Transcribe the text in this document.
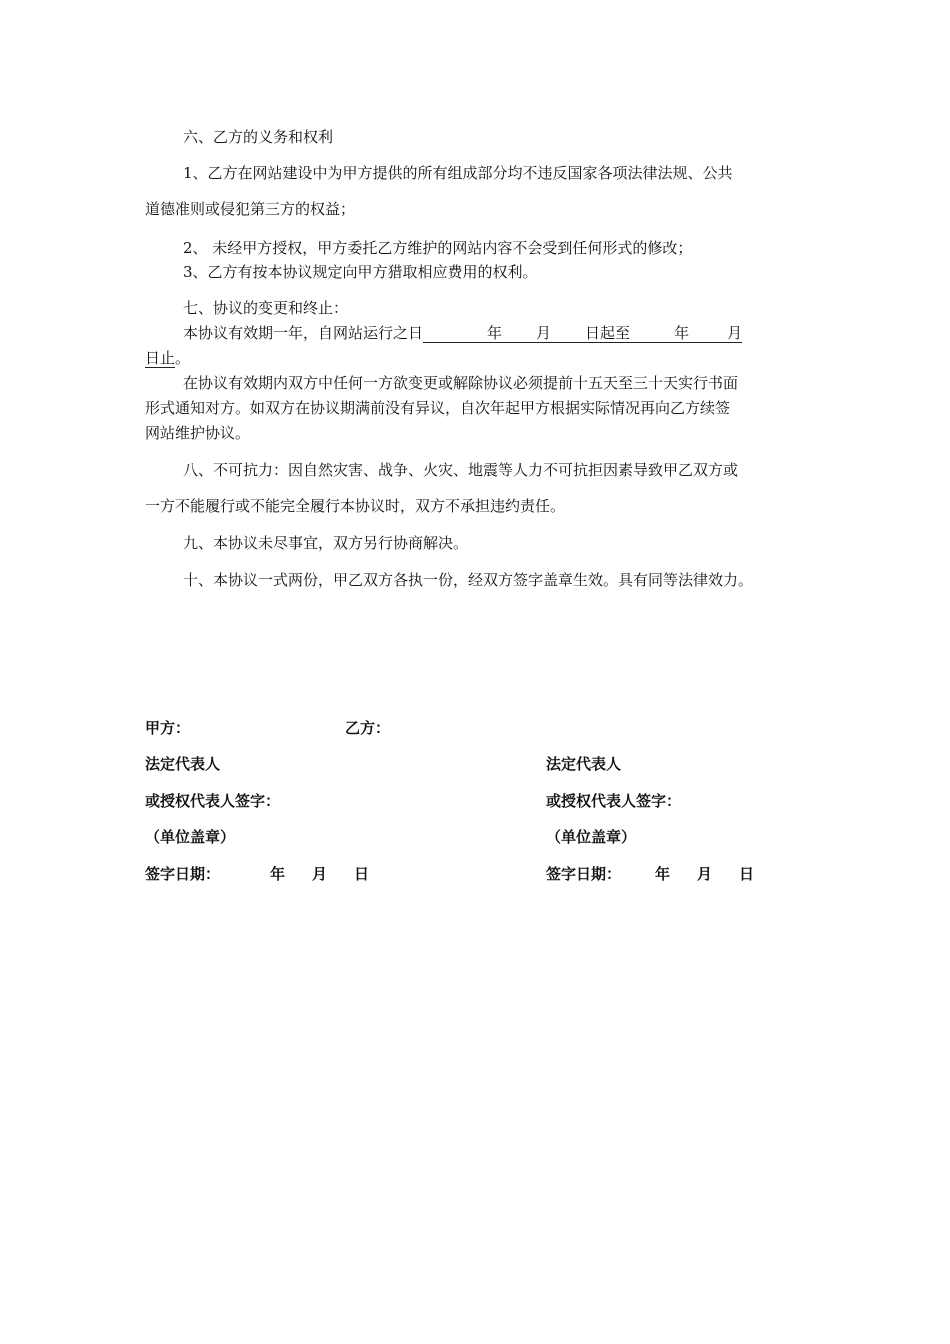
六、乙方的义务和权利
1、乙方在网站建设中为甲方提供的所有组成部分均不违反国家各项法律法规、公共
道德准则或侵犯第三方的权益；
2、 未经甲方授权，甲方委托乙方维护的网站内容不会受到任何形式的修改；
3、乙方有按本协议规定向甲方猎取相应费用的权利。
七、协议的变更和终止：
本协议有效期一年，自网站运行之日	年 月 日起至	年	月
日止。
在协议有效期内双方中任何一方欲变更或解除协议必须提前十五天至三十天实行书面
形式通知对方。如双方在协议期满前没有异议，自次年起甲方根据实际情况再向乙方续签
网站维护协议。
八、不可抗力：因自然灾害、战争、火灾、地震等人力不可抗拒因素导致甲乙双方或
一方不能履行或不能完全履行本协议时，双方不承担违约责任。
九、本协议未尽事宜，双方另行协商解决。
十、本协议一式两份，甲乙双方各执一份，经双方签字盖章生效。具有同等法律效力。
甲方：	乙方：
法定代表人	法定代表人
或授权代表人签字：	或授权代表人签字：
（单位盖章）	（单位盖章）
签字日期：	年 月 日	签字日期： 年 月 日
